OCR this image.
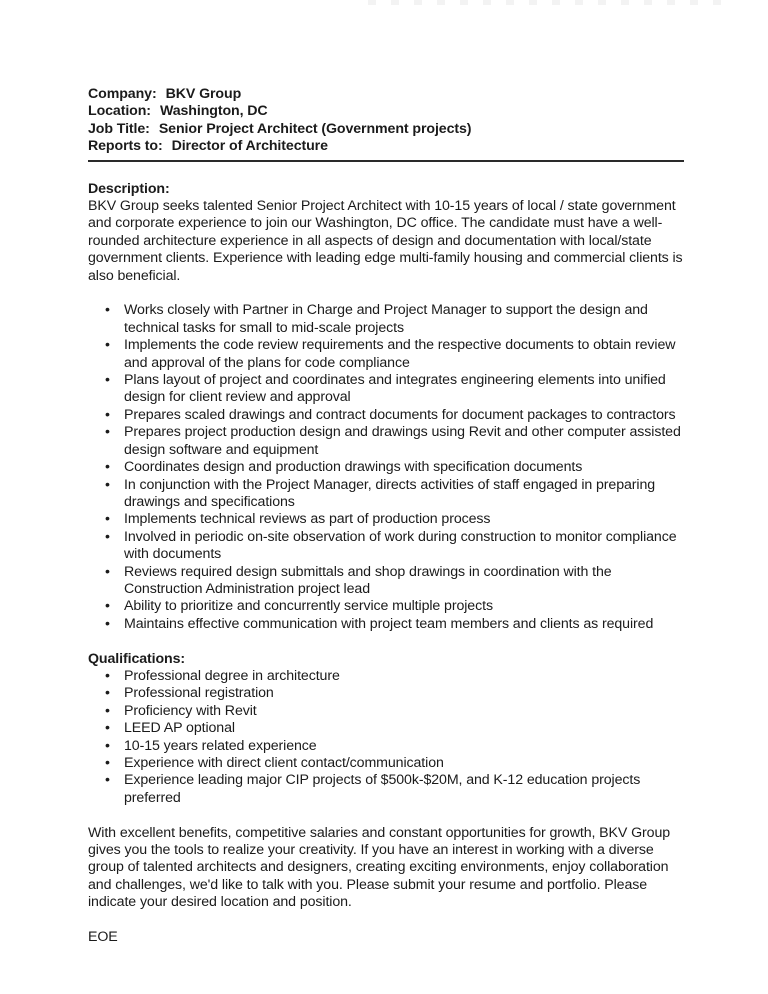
Company: BKV Group
Location: Washington, DC
Job Title: Senior Project Architect (Government projects)
Reports to: Director of Architecture

Description:

BKV Group seeks talented Senior Project Architect with 10-15 years of local / state government and corporate experience to join our Washington, DC office. The candidate must have a well-rounded architecture experience in all aspects of design and documentation with local/state government clients. Experience with leading edge multi-family housing and commercial clients is also beneficial.

• Works closely with Partner in Charge and Project Manager to support the design and technical tasks for small to mid-scale projects
• Implements the code review requirements and the respective documents to obtain review and approval of the plans for code compliance
• Plans layout of project and coordinates and integrates engineering elements into unified design for client review and approval
• Prepares scaled drawings and contract documents for document packages to contractors
• Prepares project production design and drawings using Revit and other computer assisted design software and equipment
• Coordinates design and production drawings with specification documents
• In conjunction with the Project Manager, directs activities of staff engaged in preparing drawings and specifications
• Implements technical reviews as part of production process
• Involved in periodic on-site observation of work during construction to monitor compliance with documents
• Reviews required design submittals and shop drawings in coordination with the Construction Administration project lead
• Ability to prioritize and concurrently service multiple projects
• Maintains effective communication with project team members and clients as required

Qualifications:

• Professional degree in architecture
• Professional registration
• Proficiency with Revit
• LEED AP optional
• 10-15 years related experience
• Experience with direct client contact/communication
• Experience leading major CIP projects of $500k-$20M, and K-12 education projects preferred

With excellent benefits, competitive salaries and constant opportunities for growth, BKV Group gives you the tools to realize your creativity. If you have an interest in working with a diverse group of talented architects and designers, creating exciting environments, enjoy collaboration and challenges, we'd like to talk with you. Please submit your resume and portfolio. Please indicate your desired location and position.

EOE
